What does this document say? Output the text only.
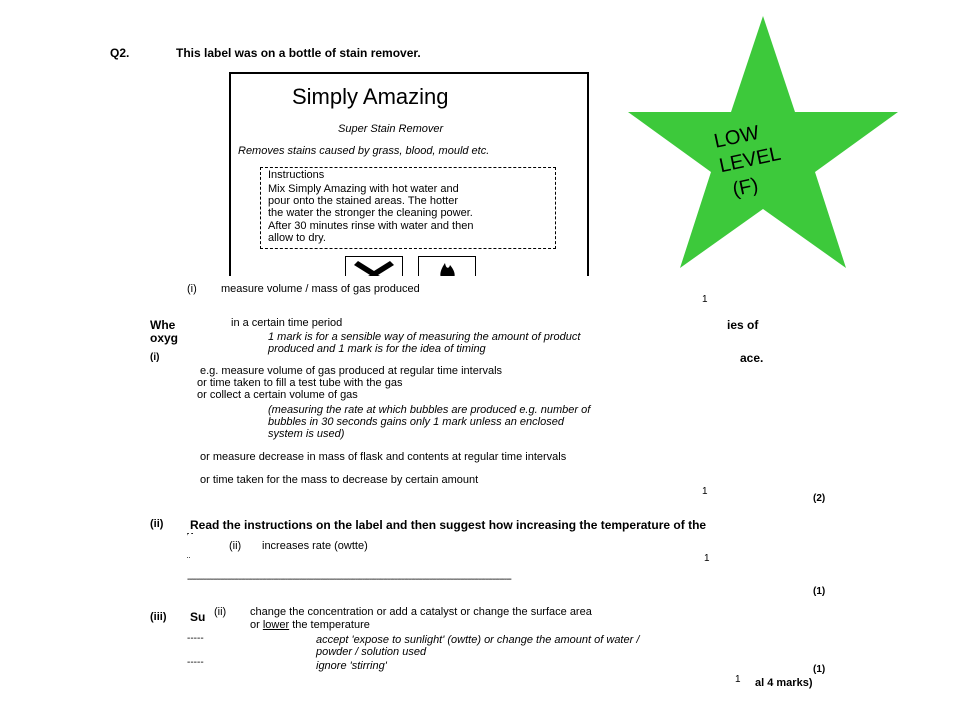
Q2.	This label was on a bottle of stain remover.
Simply Amazing
Super Stain Remover
Removes stains caused by grass, blood, mould etc.
Instructions
Mix Simply Amazing with hot water and
pour onto the stained areas. The hotter
the water the stronger the cleaning power.
After 30 minutes rinse with water and then
allow to dry.
Whe
oxyg
ies of
(i)	ace.
(2)
(ii) Read the instructions on the label and then suggest how increasing the temperature of the
-------------------------------------------------------------------------------------------------------------------------------------------
(1)
(iii) Su
-----
-----
(1)
al 4 marks)
(i) measure volume / mass of gas produced
1
in a certain time period
1 mark is for a sensible way of measuring the amount of product
produced and 1 mark is for the idea of timing
e.g. measure volume of gas produced at regular time intervals
or time taken to fill a test tube with the gas
or collect a certain volume of gas
(measuring the rate at which bubbles are produced e.g. number of
bubbles in 30 seconds gains only 1 mark unless an enclosed
system is used)
or measure decrease in mass of flask and contents at regular time intervals
or time taken for the mass to decrease by certain amount
1
(ii) increases rate (owtte)
1
¨
(ii) change the concentration or add a catalyst or change the surface area
or lower the temperature
accept 'expose to sunlight' (owtte) or change the amount of water /
powder / solution used
ignore 'stirring'
1
LOW
LEVEL
(F)
